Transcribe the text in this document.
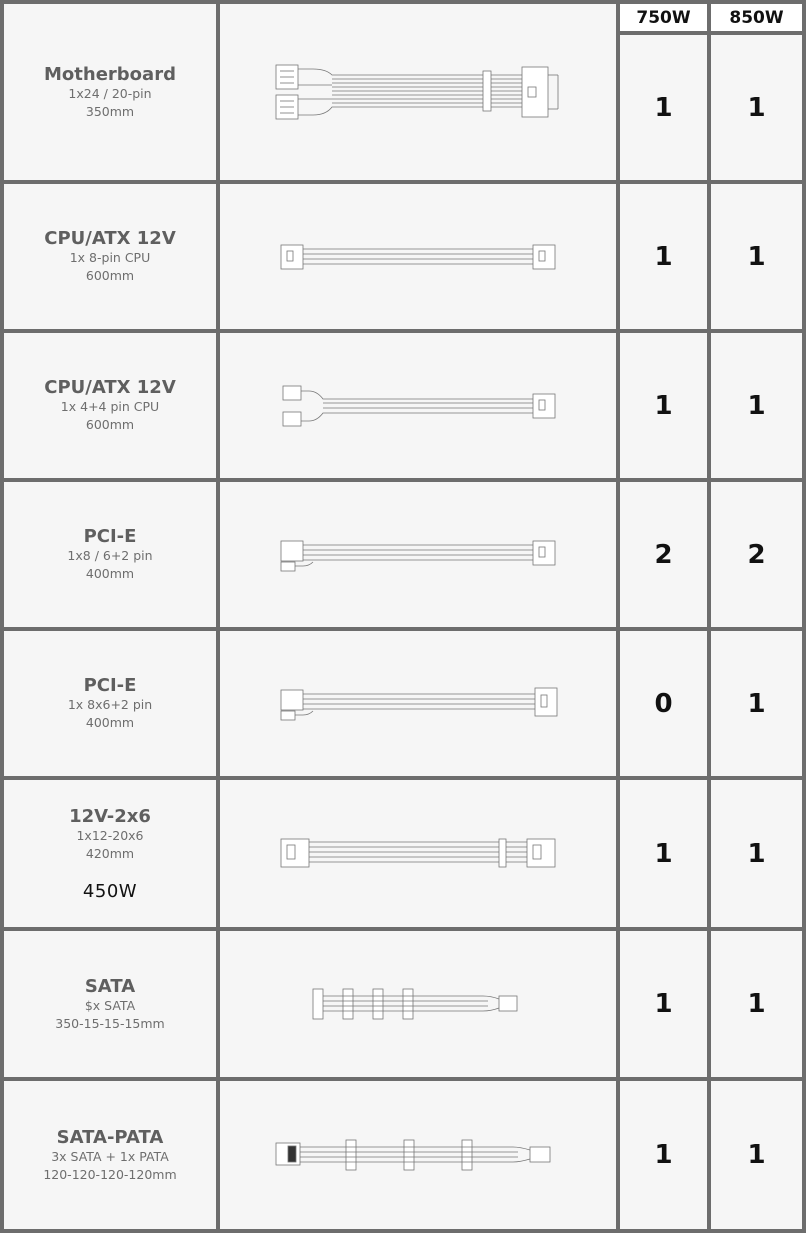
750W	850W
Motherboard
1x24 / 20-pin
350mm	1	1
CPU/ATX 12V
1x 8-pin CPU
600mm
1	1
CPU/ATX 12V
1x 4+4 pin CPU
600mm
1	1
PCI-E
1x8 / 6+2 pin
400mm
2	2
PCI-E
1x 8x6+2 pin
400mm
0	1
12V-2x6
1x12-20x6
420mm
450W
1	1
SATA
$x SATA
350-15-15-15mm
1	1
SATA-PATA
3x SATA + 1x PATA
120-120-120-120mm
1	1
